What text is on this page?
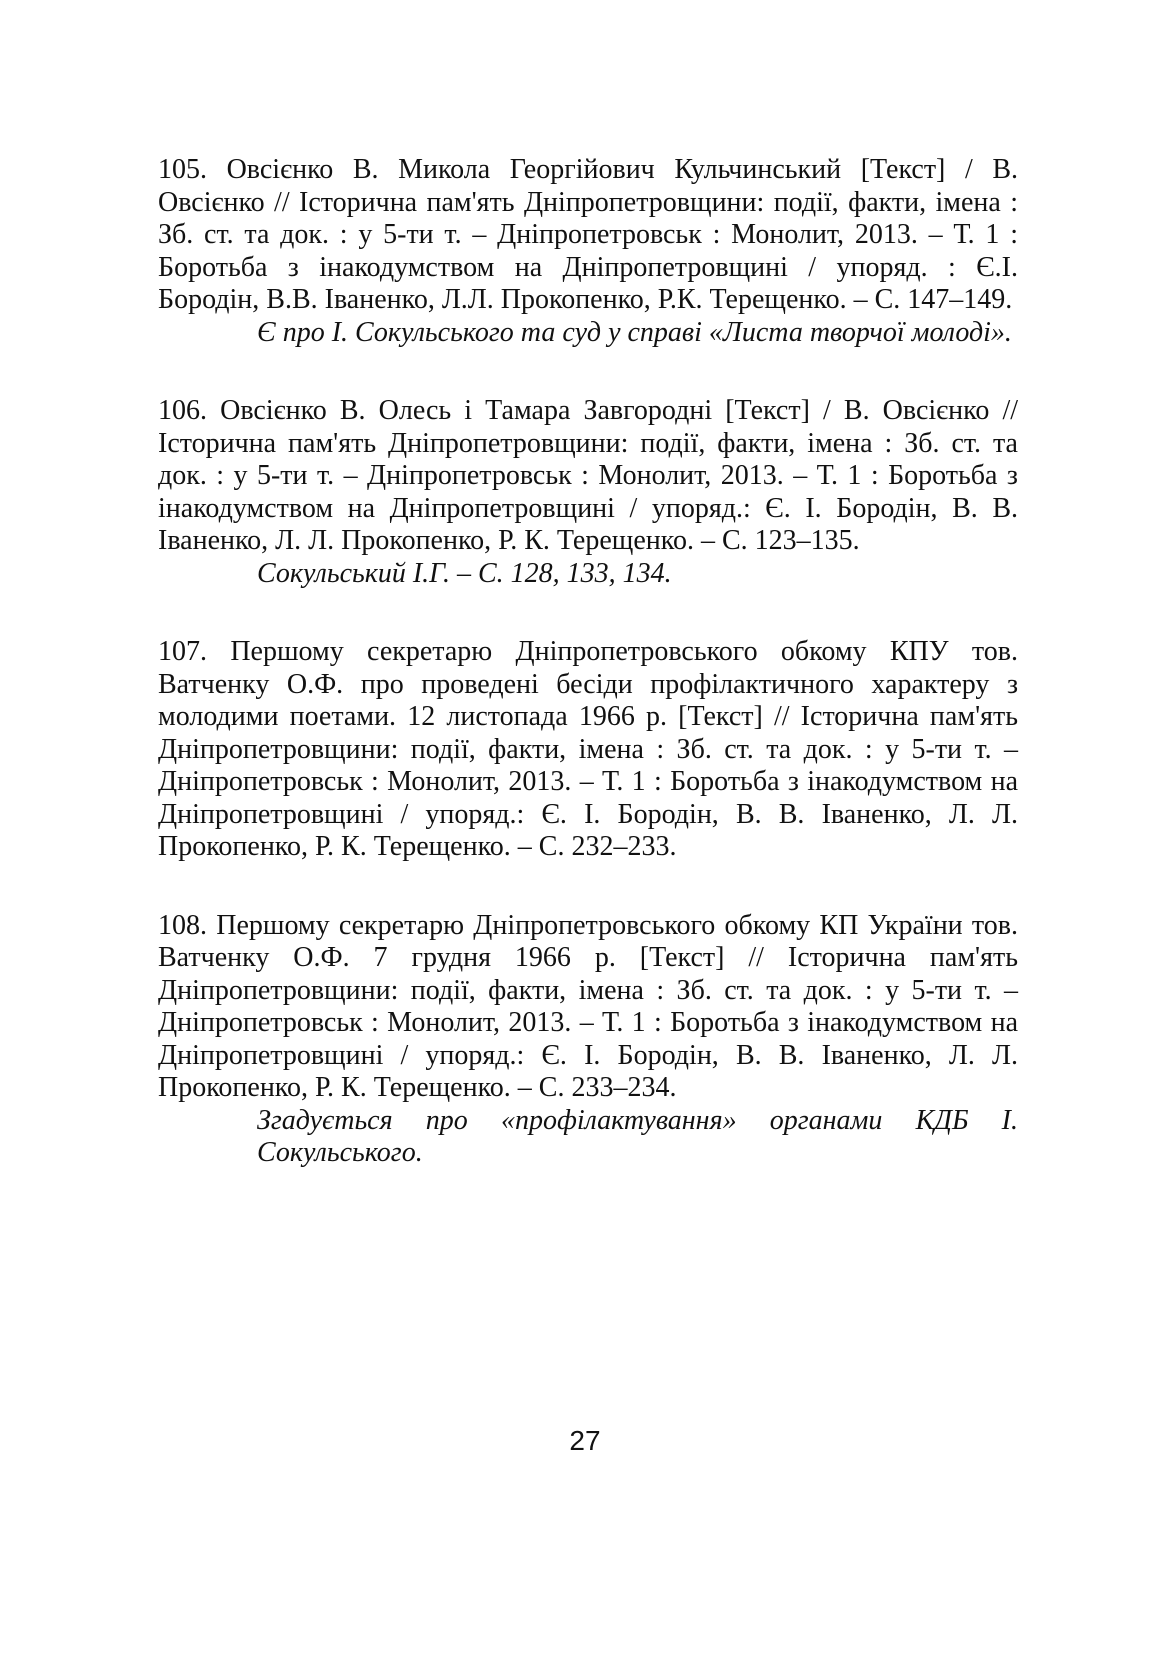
105. Овсієнко В. Микола Георгійович Кульчинський [Текст] / В. Овсієнко // Історична пам'ять Дніпропетровщини: події, факти, імена : Зб. ст. та док. : у 5-ти т. – Дніпропетровськ : Монолит, 2013. – Т. 1 : Боротьба з інакодумством на Дніпропетровщині / упоряд. : Є.І. Бородін, В.В. Іваненко, Л.Л. Прокопенко, Р.К. Терещенко. – С. 147–149.

Є про І. Сокульського та суд у справі «Листа творчої молоді».

106. Овсієнко В. Олесь і Тамара Завгородні [Текст] / В. Овсієнко // Історична пам'ять Дніпропетровщини: події, факти, імена : Зб. ст. та док. : у 5-ти т. – Дніпропетровськ : Монолит, 2013. – Т. 1 : Боротьба з інакодумством на Дніпропетровщині / упоряд.: Є. І. Бородін, В. В. Іваненко, Л. Л. Прокопенко, Р. К. Терещенко. – С. 123–135.

Сокульський І.Г. – С. 128, 133, 134.

107. Першому секретарю Дніпропетровського обкому КПУ тов. Ватченку О.Ф. про проведені бесіди профілактичного характеру з молодими поетами. 12 листопада 1966 р. [Текст] // Історична пам'ять Дніпропетровщини: події, факти, імена : Зб. ст. та док. : у 5-ти т. – Дніпропетровськ : Монолит, 2013. – Т. 1 : Боротьба з інакодумством на Дніпропетровщині / упоряд.: Є. І. Бородін, В. В. Іваненко, Л. Л. Прокопенко, Р. К. Терещенко. – С. 232–233.

108. Першому секретарю Дніпропетровського обкому КП України тов. Ватченку О.Ф. 7 грудня 1966 р. [Текст] // Історична пам'ять Дніпропетровщини: події, факти, імена : Зб. ст. та док. : у 5-ти т. – Дніпропетровськ : Монолит, 2013. – Т. 1 : Боротьба з інакодумством на Дніпропетровщині / упоряд.: Є. І. Бородін, В. В. Іваненко, Л. Л. Прокопенко, Р. К. Терещенко. – С. 233–234.

Згадується про «профілактування» органами КДБ І. Сокульського.

27
